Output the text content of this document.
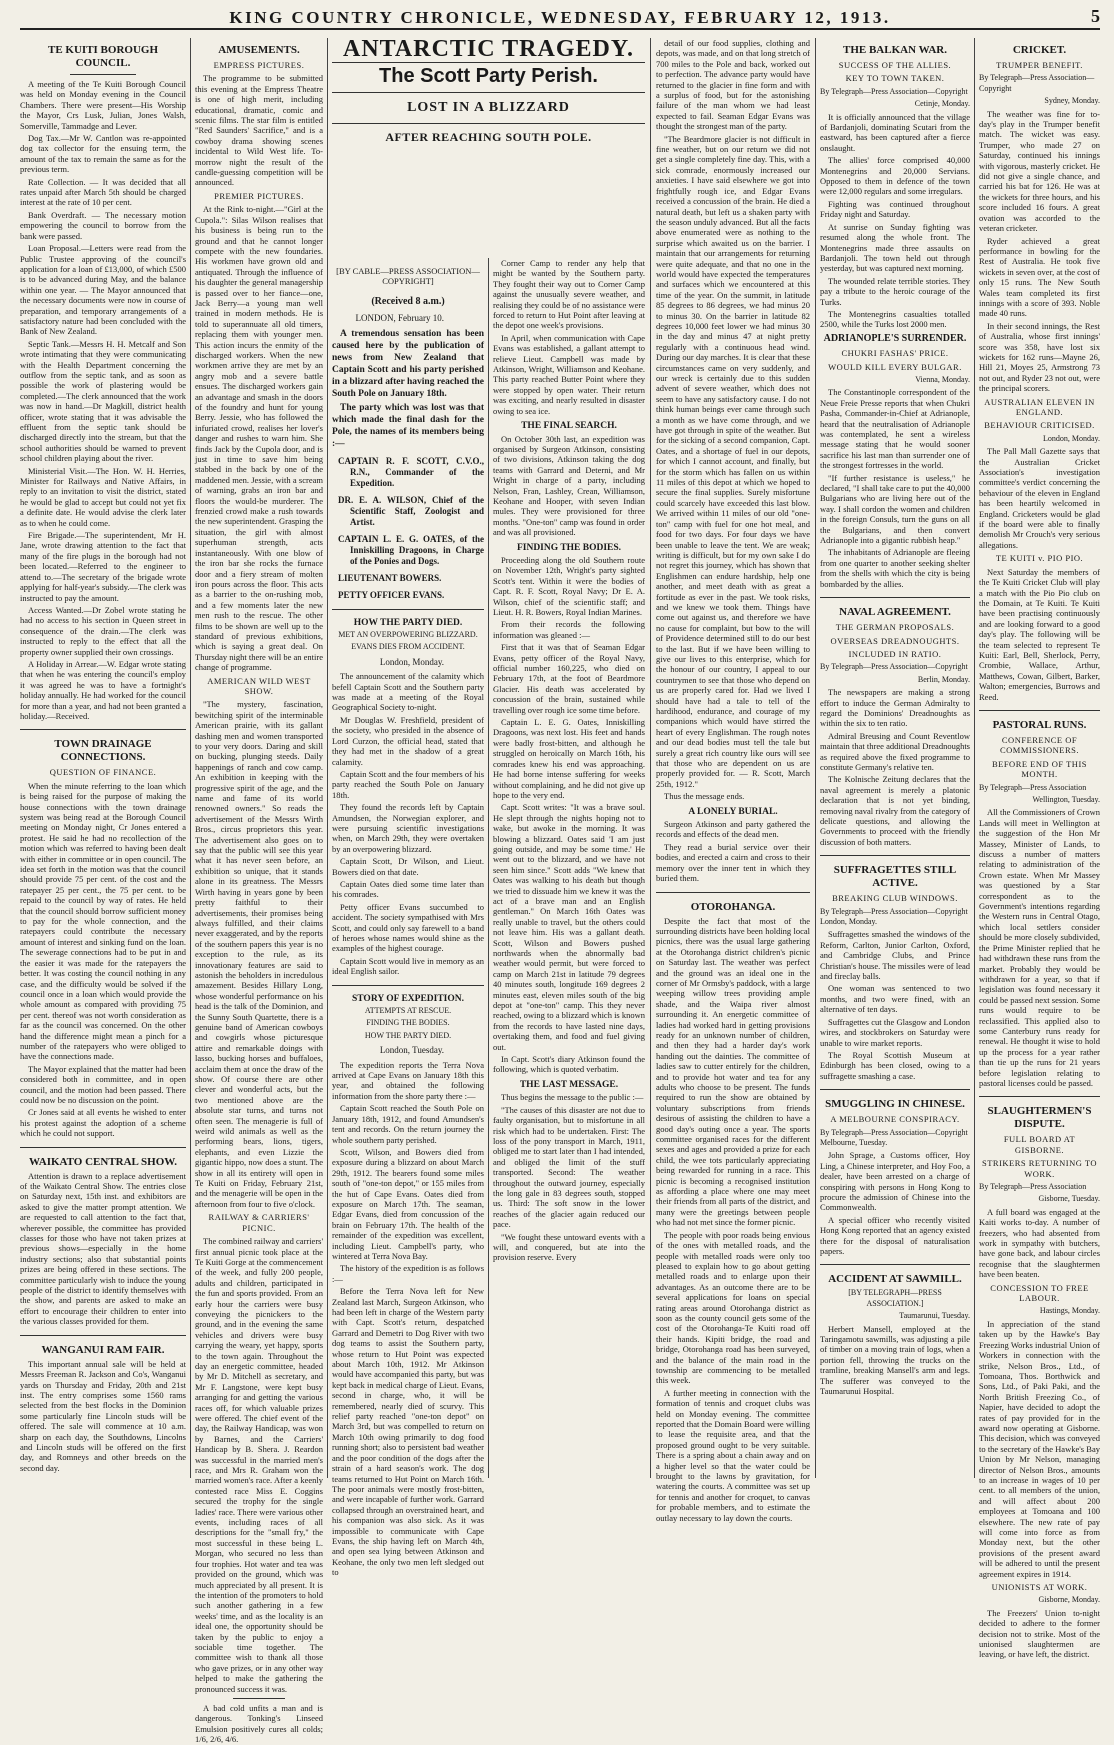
KING COUNTRY CHRONICLE, WEDNESDAY, FEBRUARY 12, 1913.	5
TE KUITI BOROUGH COUNCIL.

A meeting of the Te Kuiti Borough Council was held on Monday evening in the Council Chambers. There were present—His Worship the Mayor, Crs Lusk, Julian, Jones Walsh, Somerville, Tammadge and Lever.

Dog Tax.—Mr W. Cantlon was re-appointed dog tax collector for the ensuing term, the amount of the tax to remain the same as for the previous term.

Rate Collection. — It was decided that all rates unpaid after March 5th should be charged interest at the rate of 10 per cent.

Bank Overdraft. — The necessary motion empowering the council to borrow from the bank were passed.

Loan Proposal.—Letters were read from the Public Trustee approving of the council's application for a loan of £13,000, of which £500 is to be advanced during May, and the balance within one year. — The Mayor announced that the necessary documents were now in course of preparation, and temporary arrangements of a satisfactory nature had been concluded with the Bank of New Zealand.

Septic Tank.—Messrs H. H. Metcalf and Son wrote intimating that they were communicating with the Health Department concerning the outflow from the septic tank, and as soon as possible the work of plastering would be completed.—The clerk announced that the work was now in hand.—Dr Magkill, district health officer, wrote stating that it was advisable the effluent from the septic tank should be discharged directly into the stream, but that the school authorities should be warned to prevent school children playing about the river.

Ministerial Visit.—The Hon. W. H. Herries, Minister for Railways and Native Affairs, in reply to an invitation to visit the district, stated he would be glad to accept but could not yet fix a definite date. He would advise the clerk later as to when he could come.

Fire Brigade.—The superintendent, Mr H. Jane, wrote drawing attention to the fact that many of the fire plugs in the borough had not been located.—Referred to the engineer to attend to.—The secretary of the brigade wrote applying for half-year's subsidy.—The clerk was instructed to pay the amount.

Access Wanted.—Dr Zobel wrote stating he had no access to his section in Queen street in consequence of the drain.—The clerk was instructed to reply to the effect that all the property owner supplied their own crossings.

A Holiday in Arrear.—W. Edgar wrote stating that when he was entering the council's employ it was agreed he was to have a fortnight's holiday annually. He had worked for the council for more than a year, and had not been granted a holiday.—Received.

TOWN DRAINAGE CONNECTIONS.
QUESTION OF FINANCE.

When the minute referring to the loan which is being raised for the purpose of making the house connections with the town drainage system was being read at the Borough Council meeting on Monday night, Cr Jones entered a protest. He said he had no recollection of the motion which was referred to having been dealt with either in committee or in open council. The idea set forth in the motion was that the council should provide 75 per cent. of the cost and the ratepayer 25 per cent., the 75 per cent. to be repaid to the council by way of rates. He held that the council should borrow sufficient money to pay for the whole connection, and the ratepayers could contribute the necessary amount of interest and sinking fund on the loan. The sewerage connections had to be put in and the easier it was made for the ratepayers the better. It was costing the council nothing in any case, and the difficulty would be solved if the council once in a loan which would provide the whole amount as compared with providing 75 per cent. thereof was not worth consideration as far as the council was concerned. On the other hand the difference might mean a pinch for a number of the ratepayers who were obliged to have the connections made.

The Mayor explained that the matter had been considered both in committee, and in open council, and the motion had been passed. There could now be no discussion on the point.

Cr Jones said at all events he wished to enter his protest against the adoption of a scheme which he could not support.

WAIKATO CENTRAL SHOW.

Attention is drawn to a replace advertisement of the Waikato Central Show. The entries close on Saturday next, 15th inst. and exhibitors are asked to give the matter prompt attention. We are requested to call attention to the fact that, wherever possible, the committee has provided classes for those who have not taken prizes at previous shows—especially in the home industry sections; also that substantial points prizes are being offered in these sections. The committee particularly wish to induce the young people of the district to identify themselves with the show, and parents are asked to make an effort to encourage their children to enter into the various classes provided for them.

WANGANUI RAM FAIR.

This important annual sale will be held at Messrs Freeman R. Jackson and Co's, Wanganui yards on Thursday and Friday, 20th and 21st inst. The entry comprises some 1560 rams selected from the best flocks in the Dominion some particularly fine Lincoln studs will be offered. The sale will commence at 10 a.m. sharp on each day, the Southdowns, Lincolns and Lincoln studs will be offered on the first day, and Romneys and other breeds on the second day.

AMUSEMENTS.
EMPRESS PICTURES.

The programme to be submitted this evening at the Empress Theatre is one of high merit, including educational, dramatic, comic and scenic films. The star film is entitled "Red Saunders' Sacrifice," and is a cowboy drama showing scenes incidental to Wild West life. To-morrow night the result of the candle-guessing competition will be announced.

PREMIER PICTURES.

At the Rink to-night.—"Girl at the Cupola.": Silas Wilson realises that his business is being run to the ground and that he cannot longer compete with the new foundaries. His workmen have grown old and antiquated. Through the influence of his daughter the general managership is passed over to her fiance—one, Jack Berry—a young man well trained in modern methods. He is told to superannuate all old timers, replacing them with younger men. This action incurs the enmity of the discharged workers. When the new workmen arrive they are met by an angry mob and a severe battle ensues. The discharged workers gain an advantage and smash in the doors of the foundry and hunt for young Berry. Jessie, who has followed the infuriated crowd, realises her lover's danger and rushes to warn him. She finds Jack by the Cupola door, and is just in time to save him being stabbed in the back by one of the maddened men. Jessie, with a scream of warning, grabs an iron bar and floors the would-be murderer. The frenzied crowd make a rush towards the new superintendent. Grasping the situation, the girl with almost superhuman strength, acts instantaneously. With one blow of the iron bar she rocks the furnace door and a fiery stream of molten iron pours across the floor. This acts as a barrier to the on-rushing mob, and a few moments later the new men rush to the rescue. The other films to be shown are well up to the standard of previous exhibitions, which is saying a great deal. On Thursday night there will be an entire change of programme.

AMERICAN WILD WEST SHOW.

"The mystery, fascination, bewitching spirit of the interminable American prairie, with its gallant dashing men and women transported to your very doors. Daring and skill on bucking, plunging steeds. Daily happenings of ranch and cow camp. An exhibition in keeping with the progressive spirit of the age, and the name and fame of its world renowned owners." So reads the advertisement of the Messrs Wirth Bros., circus proprietors this year. The advertisement also goes on to say that the public will see this year what it has never seen before, an exhibition so unique, that it stands alone in its greatness. The Messrs Wirth having in years gone by been pretty faithful to their advertisements, their promises being always fulfilled, and their claims never exaggerated, and by the reports of the southern papers this year is no exception to the rule, as its innovationary features are said to astonish the beholders in incredulous amazement. Besides Hillary Long, whose wonderful performance on his head is the talk of the Dominion, and the Sunny South Quartette, there is a genuine band of American cowboys and cowgirls whose picturesque attire and remarkable doings with lasso, bucking horses and buffaloes, acclaim them at once the draw of the show. Of course there are other clever and wonderful acts, but the two mentioned above are the absolute star turns, and turns not often seen. The menagerie is full of weird wild animals as well as the performing bears, lions, tigers, elephants, and even Lizzie the gigantic hippo, now does a stunt. The show in all its entirety will open in Te Kuiti on Friday, February 21st, and the menagerie will be open in the afternoon from four to five o'clock.

RAILWAY & CARRIERS' PICNIC.

The combined railway and carriers' first annual picnic took place at the Te Kuiti Gorge at the commencement of the week, and fully 200 people, adults and children, participated in the fun and sports provided. From an early hour the carriers were busy conveying the picnickers to the ground, and in the evening the same vehicles and drivers were busy carrying the weary, yet happy, sports to the town again. Throughout the day an energetic committee, headed by Mr D. Mitchell as secretary, and Mr F. Langstone, were kept busy arranging for and getting the various races off, for which valuable prizes were offered. The chief event of the day, the Railway Handicap, was won by Barnes, and the Carriers' Handicap by B. Shera. J. Reardon was successful in the married men's race, and Mrs R. Graham won the married women's race. After a keenly contested race Miss E. Coggins secured the trophy for the single ladies' race. There were various other events, including races of all descriptions for the "small fry," the most successful in these being L. Morgan, who secured no less than four trophies. Hot water and tea was provided on the ground, which was much appreciated by all present. It is the intention of the promoters to hold such another gathering in a few weeks' time, and as the locality is an ideal one, the opportunity should be taken by the public to enjoy a sociable time together. The committee wish to thank all those who gave prizes, or in any other way helped to make the gathering the pronounced success it was.

A bad cold unfits a man and is dangerous. Tonking's Linseed Emulsion positively cures all colds; 1/6, 2/6, 4/6.

ANTARCTIC TRAGEDY.
The Scott Party Perish.
LOST IN A BLIZZARD
AFTER REACHING SOUTH POLE.
[BY CABLE—PRESS ASSOCIATION—COPYRIGHT]
(Received 8 a.m.)
LONDON, February 10.

A tremendous sensation has been caused here by the publication of news from New Zealand that Captain Scott and his party perished in a blizzard after having reached the South Pole on January 18th.

The party which was lost was that which made the final dash for the Pole, the names of its members being :—

CAPTAIN R. F. SCOTT, C.V.O., R.N., Commander of the Expedition.
DR. E. A. WILSON, Chief of the Scientific Staff, Zoologist and Artist.
CAPTAIN L. E. G. OATES, of the Inniskilling Dragoons, in Charge of the Ponies and Dogs.
LIEUTENANT BOWERS.
PETTY OFFICER EVANS.
HOW THE PARTY DIED.
MET AN OVERPOWERING BLIZZARD.
EVANS DIES FROM ACCIDENT.
London, Monday.

The announcement of the calamity which befell Captain Scott and the Southern party was made at a meeting of the Royal Geographical Society to-night.

Mr Douglas W. Freshfield, president of the society, who presided in the absence of Lord Curzon, the official head, stated that they had met in the shadow of a great calamity.

Captain Scott and the four members of his party reached the South Pole on January 18th.

They found the records left by Captain Amundsen, the Norwegian explorer, and were pursuing scientific investigations when, on March 29th, they were overtaken by an overpowering blizzard.

Captain Scott, Dr Wilson, and Lieut. Bowers died on that date.

Captain Oates died some time later than his comrades.

Petty officer Evans succumbed to accident. The society sympathised with Mrs Scott, and could only say farewell to a band of heroes whose names would shine as the examples of the highest courage.

Captain Scott would live in memory as an ideal English sailor.

STORY OF EXPEDITION.
ATTEMPTS AT RESCUE.
FINDING THE BODIES.
HOW THE PARTY DIED.
London, Tuesday.

The expedition reports the Terra Nova arrived at Cape Evans on January 18th this year, and obtained the following information from the shore party there :—

Captain Scott reached the South Pole on January 18th, 1912, and found Amundsen's tent and records. On the return journey the whole southern party perished.

Scott, Wilson, and Bowers died from exposure during a blizzard on about March 29th, 1912. The bearers found some miles south of "one-ton depot," or 155 miles from the hut of Cape Evans. Oates died from exposure on March 17th. The seaman, Edgar Evans, died from concussion of the brain on February 17th. The health of the remainder of the expedition was excellent, including Lieut. Campbell's party, who wintered at Terra Nova Bay.

The history of the expedition is as follows :—

Before the Terra Nova left for New Zealand last March, Surgeon Atkinson, who had been left in charge of the Western party with Capt. Scott's return, despatched Garrard and Demetri to Dog River with two dog teams to assist the Southern party, whose return to Hut Point was expected about March 10th, 1912. Mr Atkinson would have accompanied this party, but was kept back in medical charge of Lieut. Evans, second in charge, who, it will be remembered, nearly died of scurvy. This relief party reached "one-ton depot" on March 3rd, but was compelled to return on March 10th owing primarily to dog food running short; also to persistent bad weather and the poor condition of the dogs after the strain of a hard season's work. The dog teams returned to Hut Point on March 16th. The poor animals were mostly frost-bitten, and were incapable of further work. Garrard collapsed through an overstrained heart, and his companion was also sick. As it was impossible to communicate with Cape Evans, the ship having left on March 4th, and open sea lying between Atkinson and Keohane, the only two men left sledged out to

Corner Camp to render any help that might be wanted by the Southern party. They fought their way out to Corner Camp against the unusually severe weather, and realising they could be of no assistance were forced to return to Hut Point after leaving at the depot one week's provisions.

In April, when communication with Cape Evans was established, a gallant attempt to relieve Lieut. Campbell was made by Atkinson, Wright, Williamson and Keohane. This party reached Butter Point where they were stopped by open water. Their return was exciting, and nearly resulted in disaster owing to sea ice.

THE FINAL SEARCH.

On October 30th last, an expedition was organised by Surgeon Atkinson, consisting of two divisions, Atkinson taking the dog teams with Garrard and Deterni, and Mr Wright in charge of a party, including Nelson, Fran, Lashley, Crean, Williamson, Keohane and Hooper, with seven Indian mules. They were provisioned for three months. "One-ton" camp was found in order and was all provisioned.

FINDING THE BODIES.

Proceeding along the old Southern route on November 12th, Wright's party sighted Scott's tent. Within it were the bodies of Capt. R. F. Scott, Royal Navy; Dr E. A. Wilson, chief of the scientific staff; and Lieut. H. R. Bowers, Royal Indian Marines.

From their records the following information was gleaned :—

First that it was that of Seaman Edgar Evans, petty officer of the Royal Navy, official number 160,225, who died on February 17th, at the foot of Beardmore Glacier. His death was accelerated by concussion of the brain, sustained while travelling over rough ice some time before.

Captain L. E. G. Oates, Inniskilling Dragoons, was next lost. His feet and hands were badly frost-bitten, and although he struggled on heroically on March 16th, his comrades knew his end was approaching. He had borne intense suffering for weeks without complaining, and he did not give up hope to the very end.

Capt. Scott writes: "It was a brave soul. He slept through the nights hoping not to wake, but awoke in the morning. It was blowing a blizzard. Oates said 'I am just going outside, and may be some time.' He went out to the blizzard, and we have not seen him since." Scott adds "We knew that Oates was walking to his death but though we tried to dissuade him we knew it was the act of a brave man and an English gentleman." On March 16th Oates was really unable to travel, but the others could not leave him. His was a gallant death. Scott, Wilson and Bowers pushed northwards when the abnormally bad weather would permit, but were forced to camp on March 21st in latitude 79 degrees 40 minutes south, longitude 169 degrees 2 minutes east, eleven miles south of the big depot at "one-ton" camp. This they never reached, owing to a blizzard which is known from the records to have lasted nine days, overtaking them, and food and fuel giving out.

In Capt. Scott's diary Atkinson found the following, which is quoted verbatim.

THE LAST MESSAGE.

Thus begins the message to the public :—

"The causes of this disaster are not due to faulty organisation, but to misfortune in all risk which had to be undertaken. First: The loss of the pony transport in March, 1911, obliged me to start later than I had intended, and obliged the limit of the stuff transported. Second: The weather throughout the outward journey, especially the long gale in 83 degrees south, stopped us. Third: The soft snow in the lower reaches of the glacier again reduced our pace.

"We fought these untoward events with a will, and conquered, but ate into the provision reserve. Every

detail of our food supplies, clothing and depots, was made, and on that long stretch of 700 miles to the Pole and back, worked out to perfection. The advance party would have returned to the glacier in fine form and with a surplus of food, but for the astonishing failure of the man whom we had least expected to fail. Seaman Edgar Evans was thought the strongest man of the party.

"The Beardmore glacier is not difficult in fine weather, but on our return we did not get a single completely fine day. This, with a sick comrade, enormously increased our anxieties. I have said elsewhere we got into frightfully rough ice, and Edgar Evans received a concussion of the brain. He died a natural death, but left us a shaken party with the season unduly advanced. But all the facts above enumerated were as nothing to the surprise which awaited us on the barrier. I maintain that our arrangements for returning were quite adequate, and that no one in the world would have expected the temperatures and surfaces which we encountered at this time of the year. On the summit, in latitude 85 degrees to 86 degrees, we had minus 20 to minus 30. On the barrier in latitude 82 degrees 10,000 feet lower we had minus 30 in the day and minus 47 at night pretty regularly with a continuous head wind. During our day marches. It is clear that these circumstances came on very suddenly, and our wreck is certainly due to this sudden advent of severe weather, which does not seem to have any satisfactory cause. I do not think human beings ever came through such a month as we have come through, and we have got through in spite of the weather. But for the sicking of a second companion, Capt. Oates, and a shortage of fuel in our depots, for which I cannot account, and finally, but for the storm which has fallen on us within 11 miles of this depot at which we hoped to secure the final supplies. Surely misfortune could scarcely have exceeded this last blow. We arrived within 11 miles of our old "one-ton" camp with fuel for one hot meal, and food for two days. For four days we have been unable to leave the tent. We are weak; writing is difficult, but for my own sake I do not regret this journey, which has shown that Englishmen can endure hardship, help one another, and meet death with as great a fortitude as ever in the past. We took risks, and we knew we took them. Things have come out against us, and therefore we have no cause for complaint, but bow to the will of Providence determined still to do our best to the last. But if we have been willing to give our lives to this enterprise, which for the honour of our country, I appeal to our countrymen to see that those who depend on us are properly cared for. Had we lived I should have had a tale to tell of the hardihood, endurance, and courage of my companions which would have stirred the heart of every Englishman. The rough notes and our dead bodies must tell the tale but surely a great rich country like ours will see that those who are dependent on us are properly provided for. — R. Scott, March 25th, 1912."

Thus the message ends.

A LONELY BURIAL.

Surgeon Atkinson and party gathered the records and effects of the dead men.

They read a burial service over their bodies, and erected a cairn and cross to their memory over the inner tent in which they buried them.

OTOROHANGA.

Despite the fact that most of the surrounding districts have been holding local picnics, there was the usual large gathering at the Otorohanga district children's picnic on Saturday last. The weather was perfect and the ground was an ideal one in the corner of Mr Ormsby's paddock, with a large weeping willow trees providing ample shade, and the Waipa river almost surrounding it. An energetic committee of ladies had worked hard in getting provisions ready for an unknown number of children, and then they had a harder day's work handing out the dainties. The committee of ladies saw to cutter entirely for the children, and to provide hot water and tea for any adults who choose to be present. The funds required to run the show are obtained by voluntary subscriptions from friends desirous of assisting the children to have a good day's outing once a year. The sports committee organised races for the different sexes and ages and provided a prize for each child, the wee tots particularly appreciating being rewarded for running in a race. This picnic is becoming a recognised institution as affording a place where one may meet their friends from all parts of the district, and many were the greetings between people who had not met since the former picnic.

The people with poor roads being envious of the ones with metalled roads, and the people with metalled roads were only too pleased to explain how to go about getting metalled roads and to enlarge upon their advantages. As an outcome there are to be several applications for loans on special rating areas around Otorohanga district as soon as the county council gets some of the cost of the Otorohanga-Te Kuiti road off their hands. Kipiti bridge, the road and bridge, Otorohanga road has been surveyed, and the balance of the main road in the township are commencing to be metalled this week.

A further meeting in connection with the formation of tennis and croquet clubs was held on Monday evening. The committee reported that the Domain Board were willing to lease the requisite area, and that the proposed ground ought to be very suitable. There is a spring about a chain away and on a higher level so that the water could be brought to the lawns by gravitation, for watering the courts. A committee was set up for tennis and another for croquet, to canvas for probable members, and to estimate the outlay necessary to lay down the courts.

THE BALKAN WAR.
SUCCESS OF THE ALLIES.
KEY TO TOWN TAKEN.
By Telegraph—Press Association—Copyright
Cetinje, Monday.

It is officially announced that the village of Bardanjoli, dominating Scutari from the eastward, has been captured after a fierce onslaught.

The allies' force comprised 40,000 Montenegrins and 20,000 Servians. Opposed to them in defence of the town were 12,000 regulars and some irregulars.

Fighting was continued throughout Friday night and Saturday.

At sunrise on Sunday fighting was resumed along the whole front. The Montenegrins made three assaults on Bardanjoli. The town held out through yesterday, but was captured next morning.

The wounded relate terrible stories. They pay a tribute to the heroic courage of the Turks.

The Montenegrins casualties totalled 2500, while the Turks lost 2000 men.

ADRIANOPLE'S SURRENDER.
CHUKRI FASHAS' PRICE.
WOULD KILL EVERY BULGAR.
Vienna, Monday.

The Constantinople correspondent of the Neue Freie Presse reports that when Chukri Pasha, Commander-in-Chief at Adrianople, heard that the neutralisation of Adrianople was contemplated, he sent a wireless message stating that he would sooner sacrifice his last man than surrender one of the strongest fortresses in the world.

"If further resistance is useless," he declared, "I shall take care to put the 40,000 Bulgarians who are living here out of the way. I shall cordon the women and children in the foreign Consuls, turn the guns on all the Bulgarians, and then convert Adrianople into a gigantic rubbish heap."

The inhabitants of Adrianople are fleeing from one quarter to another seeking shelter from the shells with which the city is being bombarded by the allies.

NAVAL AGREEMENT.
THE GERMAN PROPOSALS.
OVERSEAS DREADNOUGHTS.
INCLUDED IN RATIO.
By Telegraph—Press Association—Copyright
Berlin, Monday.

The newspapers are making a strong effort to induce the German Admiralty to regard the Dominions' Dreadnoughts as within the six to ten ratio.

Admiral Breusing and Count Reventlow maintain that three additional Dreadnoughts as required above the fixed programme to constitute Germany's relative ten.

The Kolnische Zeitung declares that the naval agreement is merely a platonic declaration that is not yet binding, removing naval rivalry from the category of delicate questions, and allowing the Governments to proceed with the friendly discussion of both matters.

SUFFRAGETTES STILL ACTIVE.
BREAKING CLUB WINDOWS.
By Telegraph—Press Association—Copyright London, Monday.

Suffragettes smashed the windows of the Reform, Carlton, Junior Carlton, Oxford, and Cambridge Clubs, and Prince Christian's house. The missiles were of lead and fireclay balls.

One woman was sentenced to two months, and two were fined, with an alternative of ten days.

Suffragettes cut the Glasgow and London wires, and stockbrokers on Saturday were unable to wire market reports.

The Royal Scottish Museum at Edinburgh has been closed, owing to a suffragette smashing a case.

SMUGGLING IN CHINESE.
A MELBOURNE CONSPIRACY.
By Telegraph—Press Association—Copyright Melbourne, Tuesday.

John Sprage, a Customs officer, Hoy Ling, a Chinese interpreter, and Hoy Foo, a dealer, have been arrested on a charge of conspiring with persons in Hong Kong to procure the admission of Chinese into the Commonwealth.

A special officer who recently visited Hong Kong reported that an agency existed there for the disposal of naturalisation papers.

ACCIDENT AT SAWMILL.
[BY TELEGRAPH—PRESS ASSOCIATION.]
Taumarunui, Tuesday.

Herbert Mansell, employed at the Taringamotu sawmills, was adjusting a pile of timber on a moving train of logs, when a portion fell, throwing the trucks on the tramline, breaking Mansell's arm and legs. The sufferer was conveyed to the Taumarunui Hospital.

CRICKET.
TRUMPER BENEFIT.
By Telegraph—Press Association—Copyright
Sydney, Monday.

The weather was fine for to-day's play in the Trumper benefit match. The wicket was easy. Trumper, who made 27 on Saturday, continued his innings with vigorous, masterly cricket. He did not give a single chance, and carried his bat for 126. He was at the wickets for three hours, and his score included 16 fours. A great ovation was accorded to the veteran cricketer.

Ryder achieved a great performance in bowling for the Rest of Australia. He took five wickets in seven over, at the cost of only 15 runs. The New South Wales team completed its first innings with a score of 393. Noble made 40 runs.

In their second innings, the Rest of Australia, whose first innings' score was 358, have lost six wickets for 162 runs—Mayne 26, Hill 21, Moyes 25, Armstrong 73 not out, and Ryder 23 not out, were the principal scorers.

AUSTRALIAN ELEVEN IN ENGLAND.
BEHAVIOUR CRITICISED.
London, Monday.

The Pall Mall Gazette says that the Australian Cricket Association's investigation committee's verdict concerning the behaviour of the eleven in England has been heartily welcomed in England. Cricketers would be glad if the board were able to finally demolish Mr Crouch's very serious allegations.

TE KUITI v. PIO PIO.

Next Saturday the members of the Te Kuiti Cricket Club will play a match with the Pio Pio club on the Domain, at Te Kuiti. Te Kuiti have been practising continuously and are looking forward to a good day's play. The following will be the team selected to represent Te Kuiti: Earl, Bell, Sherlock, Perry, Crombie, Wallace, Arthur, Matthews, Cowan, Gilbert, Barker, Walton; emergencies, Burrows and Reed.

PASTORAL RUNS.
CONFERENCE OF COMMISSIONERS.
BEFORE END OF THIS MONTH.
By Telegraph—Press Association
Wellington, Tuesday.

All the Commissioners of Crown Lands will meet in Wellington at the suggestion of the Hon Mr Massey, Minister of Lands, to discuss a number of matters relating to administration of the Crown estate. When Mr Massey was questioned by a Star correspondent as to the Government's intentions regarding the Western runs in Central Otago, which local settlers consider should be more closely subdivided, the Prime Minister replied that he had withdrawn these runs from the market. Probably they would be withdrawn for a year, so that if legislation was found necessary it could be passed next session. Some runs would require to be reclassified. This applied also to some Canterbury runs ready for renewal. He thought it wise to hold up the process for a year rather than tie up the runs for 21 years before legislation relating to pastoral licenses could be passed.

SLAUGHTERMEN'S DISPUTE.
FULL BOARD AT GISBORNE.
STRIKERS RETURNING TO WORK.
By Telegraph—Press Association
Gisborne, Tuesday.

A full board was engaged at the Kaiti works to-day. A number of freezers, who had absented from work in sympathy with butchers, have gone back, and labour circles recognise that the slaughtermen have been beaten.

CONCESSION TO FREE LABOUR.
Hastings, Monday.

In appreciation of the stand taken up by the Hawke's Bay Freezing Works industrial Union of Workers in connection with the strike, Nelson Bros., Ltd., of Tomoana, Thos. Borthwick and Sons, Ltd., of Paki Paki, and the North British Freezing Co., of Napier, have decided to adopt the rates of pay provided for in the award now operating at Gisborne. This decision, which was conveyed to the secretary of the Hawke's Bay Union by Mr Nelson, managing director of Nelson Bros., amounts to an increase in wages of 10 per cent. to all members of the union, and will affect about 200 employees at Tomoana and 100 elsewhere. The new rate of pay will come into force as from Monday next, but the other provisions of the present award will be adhered to until the present agreement expires in 1914.

UNIONISTS AT WORK.
Gisborne, Monday.

The Freezers' Union to-night decided to adhere to the former decision not to strike. Most of the unionised slaughtermen are leaving, or have left, the district.
